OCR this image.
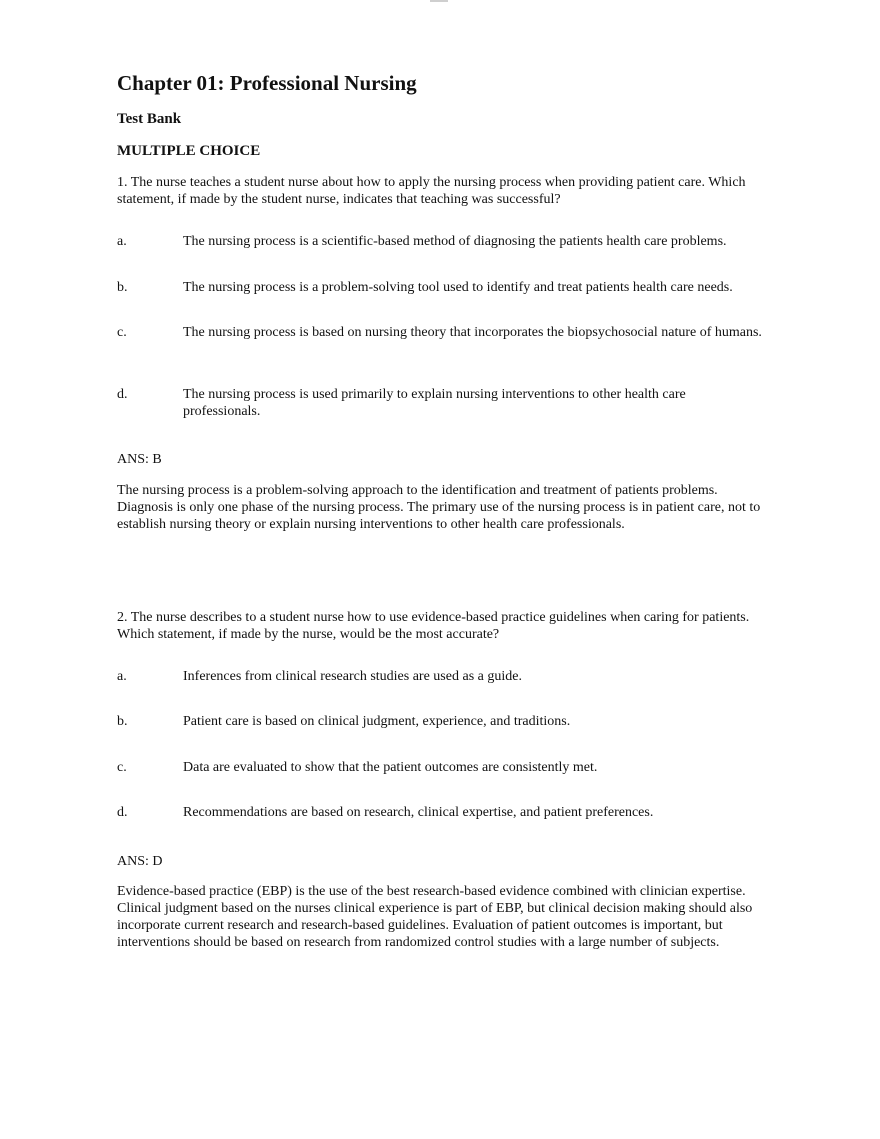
Chapter 01: Professional Nursing
Test Bank
MULTIPLE CHOICE
1. The nurse teaches a student nurse about how to apply the nursing process when providing patient care. Which statement, if made by the student nurse, indicates that teaching was successful?
a.	The nursing process is a scientific-based method of diagnosing the patients health care problems.
b.	The nursing process is a problem-solving tool used to identify and treat patients health care needs.
c.	The nursing process is based on nursing theory that incorporates the biopsychosocial nature of humans.
d.	The nursing process is used primarily to explain nursing interventions to other health care professionals.
ANS: B
The nursing process is a problem-solving approach to the identification and treatment of patients problems. Diagnosis is only one phase of the nursing process. The primary use of the nursing process is in patient care, not to establish nursing theory or explain nursing interventions to other health care professionals.
2. The nurse describes to a student nurse how to use evidence-based practice guidelines when caring for patients. Which statement, if made by the nurse, would be the most accurate?
a.	Inferences from clinical research studies are used as a guide.
b.	Patient care is based on clinical judgment, experience, and traditions.
c.	Data are evaluated to show that the patient outcomes are consistently met.
d.	Recommendations are based on research, clinical expertise, and patient preferences.
ANS: D
Evidence-based practice (EBP) is the use of the best research-based evidence combined with clinician expertise. Clinical judgment based on the nurses clinical experience is part of EBP, but clinical decision making should also incorporate current research and research-based guidelines. Evaluation of patient outcomes is important, but interventions should be based on research from randomized control studies with a large number of subjects.
